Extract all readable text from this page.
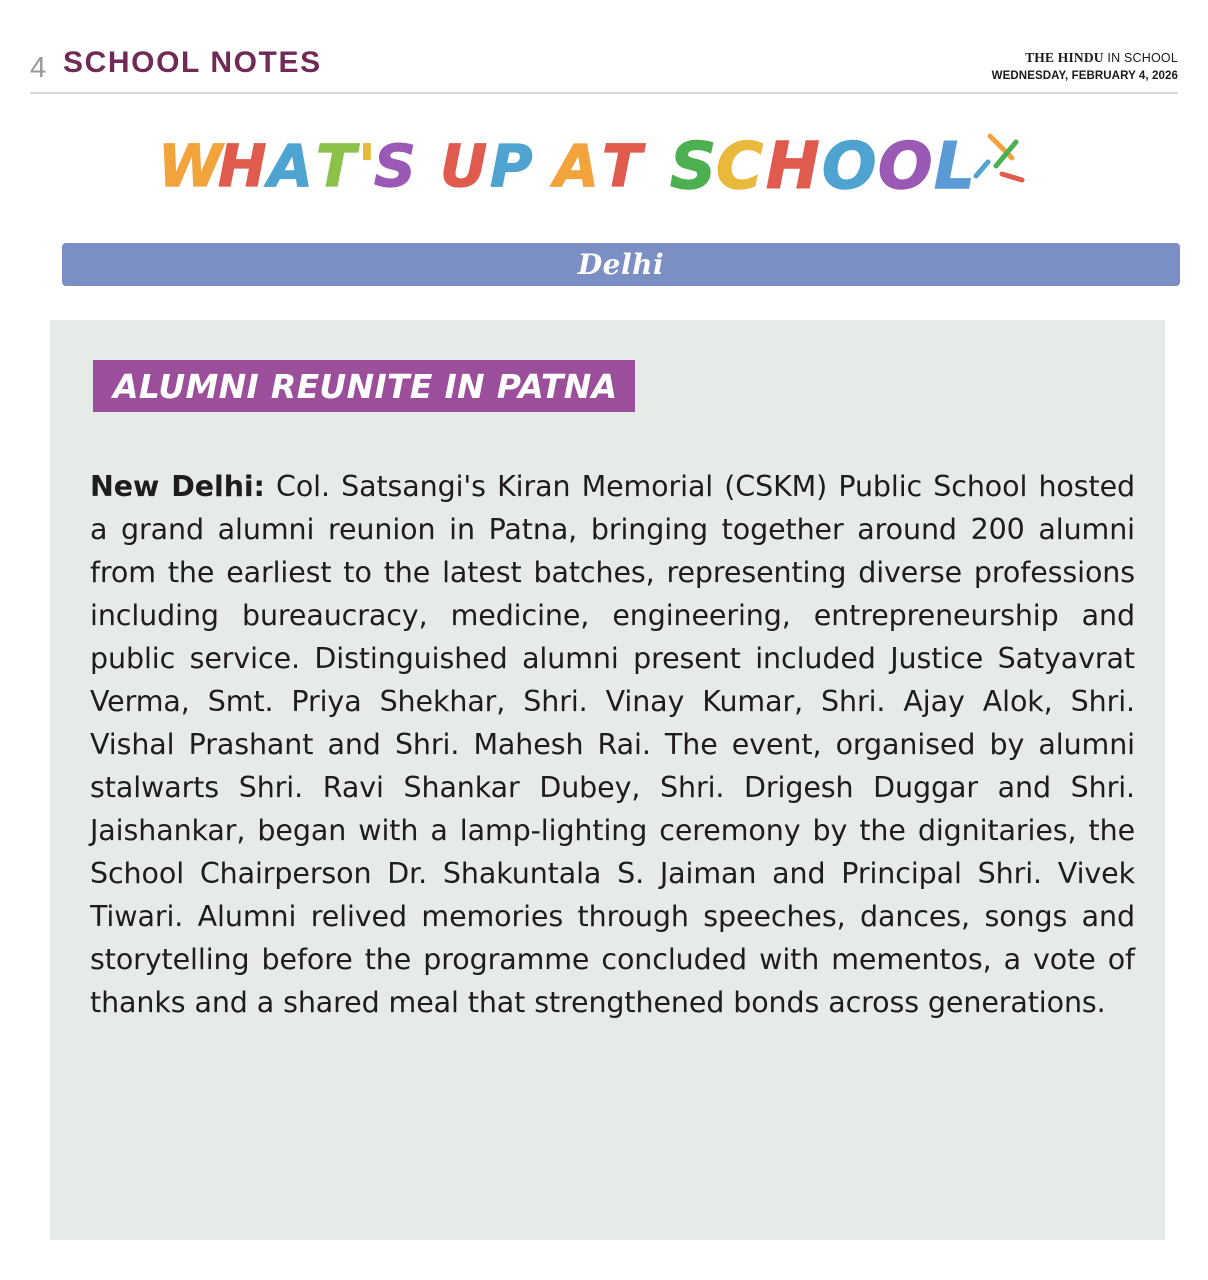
4 SCHOOL NOTES	THE HINDU IN SCHOOL
WEDNESDAY, FEBRUARY 4, 2026
W
H A T '
S U P A T S
C H O O L
Delhi
ALUMNI REUNITE IN PATNA

New Delhi: Col. Satsangi's Kiran Memorial (CSKM) Public School hosted a grand alumni reunion in Patna, bringing together around 200 alumni from the earliest to the latest batches, representing diverse professions including bureaucracy, medicine, engineering, entrepreneurship and public service. Distinguished alumni present included Justice Satyavrat Verma, Smt. Priya Shekhar, Shri. Vinay Kumar, Shri. Ajay Alok, Shri. Vishal Prashant and Shri. Mahesh Rai. The event, organised by alumni stalwarts Shri. Ravi Shankar Dubey, Shri. Drigesh Duggar and Shri. Jaishankar, began with a lamp-lighting ceremony by the dignitaries, the School Chairperson Dr. Shakuntala S. Jaiman and Principal Shri. Vivek Tiwari. Alumni relived memories through speeches, dances, songs and storytelling before the programme concluded with mementos, a vote of thanks and a shared meal that strengthened bonds across generations.
